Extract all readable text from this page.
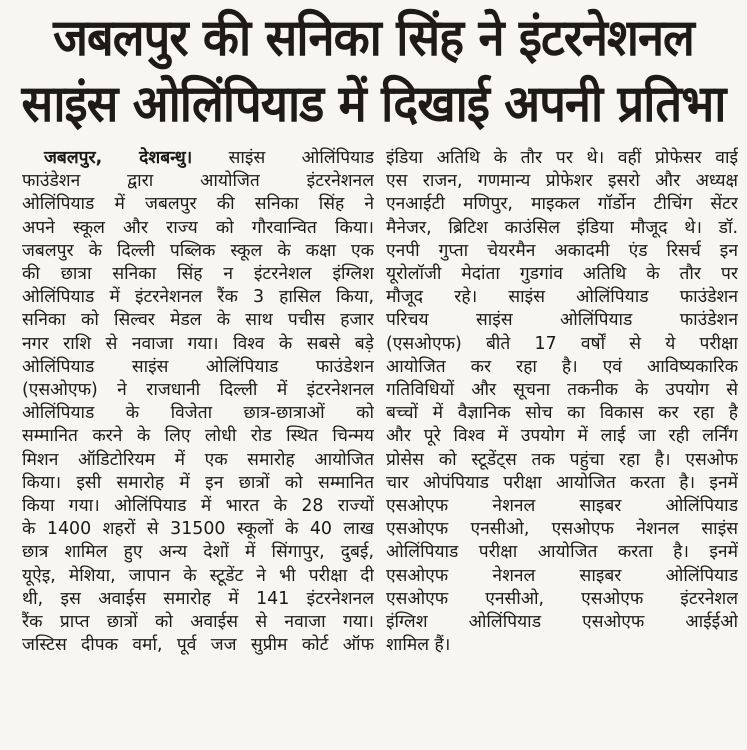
जबलपुर की सनिका सिंह ने इंटरनेशनल
साइंस ओलिंपियाड में दिखाई अपनी प्रतिभा
जबलपुर, देशबन्धु। साइंस ओलिंपियाड
फाउंडेशन द्वारा आयोजित इंटरनेशनल
ओलिंपियाड में जबलपुर की सनिका सिंह ने
अपने स्कूल और राज्य को गौरवान्वित किया।
जबलपुर के दिल्ली पब्लिक स्कूल के कक्षा एक
की छात्रा सनिका सिंह न इंटरनेशल इंग्लिश
ओलिंपियाड में इंटरनेशनल रैंक 3 हासिल किया,
सनिका को सिल्वर मेडल के साथ पचीस हजार
नगर राशि से नवाजा गया। विश्व के सबसे बड़े
ओलिंपियाड साइंस ओलिंपियाड फाउंडेशन
(एसओएफ) ने राजधानी दिल्ली में इंटरनेशनल
ओलिंपियाड के विजेता छात्र-छात्राओं को
सम्मानित करने के लिए लोधी रोड स्थित चिन्मय
मिशन ऑडिटोरियम में एक समारोह आयोजित
किया। इसी समारोह में इन छात्रों को सम्मानित
किया गया। ओलिंपियाड में भारत के 28 राज्यों
के 1400 शहरों से 31500 स्कूलों के 40 लाख
छात्र शामिल हुए अन्य देशों में सिंगापुर, दुबई,
यूऐइ, मेशिया, जापान के स्टूडेंट ने भी परीक्षा दी
थी, इस अवाईस समारोह में 141 इंटरनेशनल
रैंक प्राप्त छात्रों को अवाईस से नवाजा गया।
जस्टिस दीपक वर्मा, पूर्व जज सुप्रीम कोर्ट ऑफ
इंडिया अतिथि के तौर पर थे। वहीं प्रोफेसर वाई
एस राजन, गणमान्य प्रोफेशर इसरो और अध्यक्ष
एनआईटी मणिपुर, माइकल गॉर्डोन टीचिंग सेंटर
मैनेजर, ब्रिटिश काउंसिल इंडिया मौजूद थे। डॉ.
एनपी गुप्ता चेयरमैन अकादमी एंड रिसर्च इन
यूरोलॉजी मेदांता गुडगांव अतिथि के तौर पर
मौजूद रहे। साइंस ओलिंपियाड फाउंडेशन
परिचय साइंस ओलिंपियाड फाउंडेशन
(एसओएफ) बीते 17 वर्षों से ये परीक्षा
आयोजित कर रहा है। एवं आविष्यकारिक
गतिविधियों और सूचना तकनीक के उपयोग से
बच्चों में वैज्ञानिक सोच का विकास कर रहा है
और पूरे विश्व में उपयोग में लाई जा रही लर्निंग
प्रोसेस को स्टूडेंट्स तक पहुंचा रहा है। एसओफ
चार ओपंपियाड परीक्षा आयोजित करता है। इनमें
एसओएफ नेशनल साइबर ओलिंपियाड
एसओएफ एनसीओ, एसओएफ नेशनल साइंस
ओलिंपियाड परीक्षा आयोजित करता है। इनमें
एसओएफ नेशनल साइबर ओलिंपियाड
एसओएफ एनसीओ, एसओएफ इंटरनेशल
इंग्लिश ओलिंपियाड एसओएफ आईईओ
शामिल हैं।
